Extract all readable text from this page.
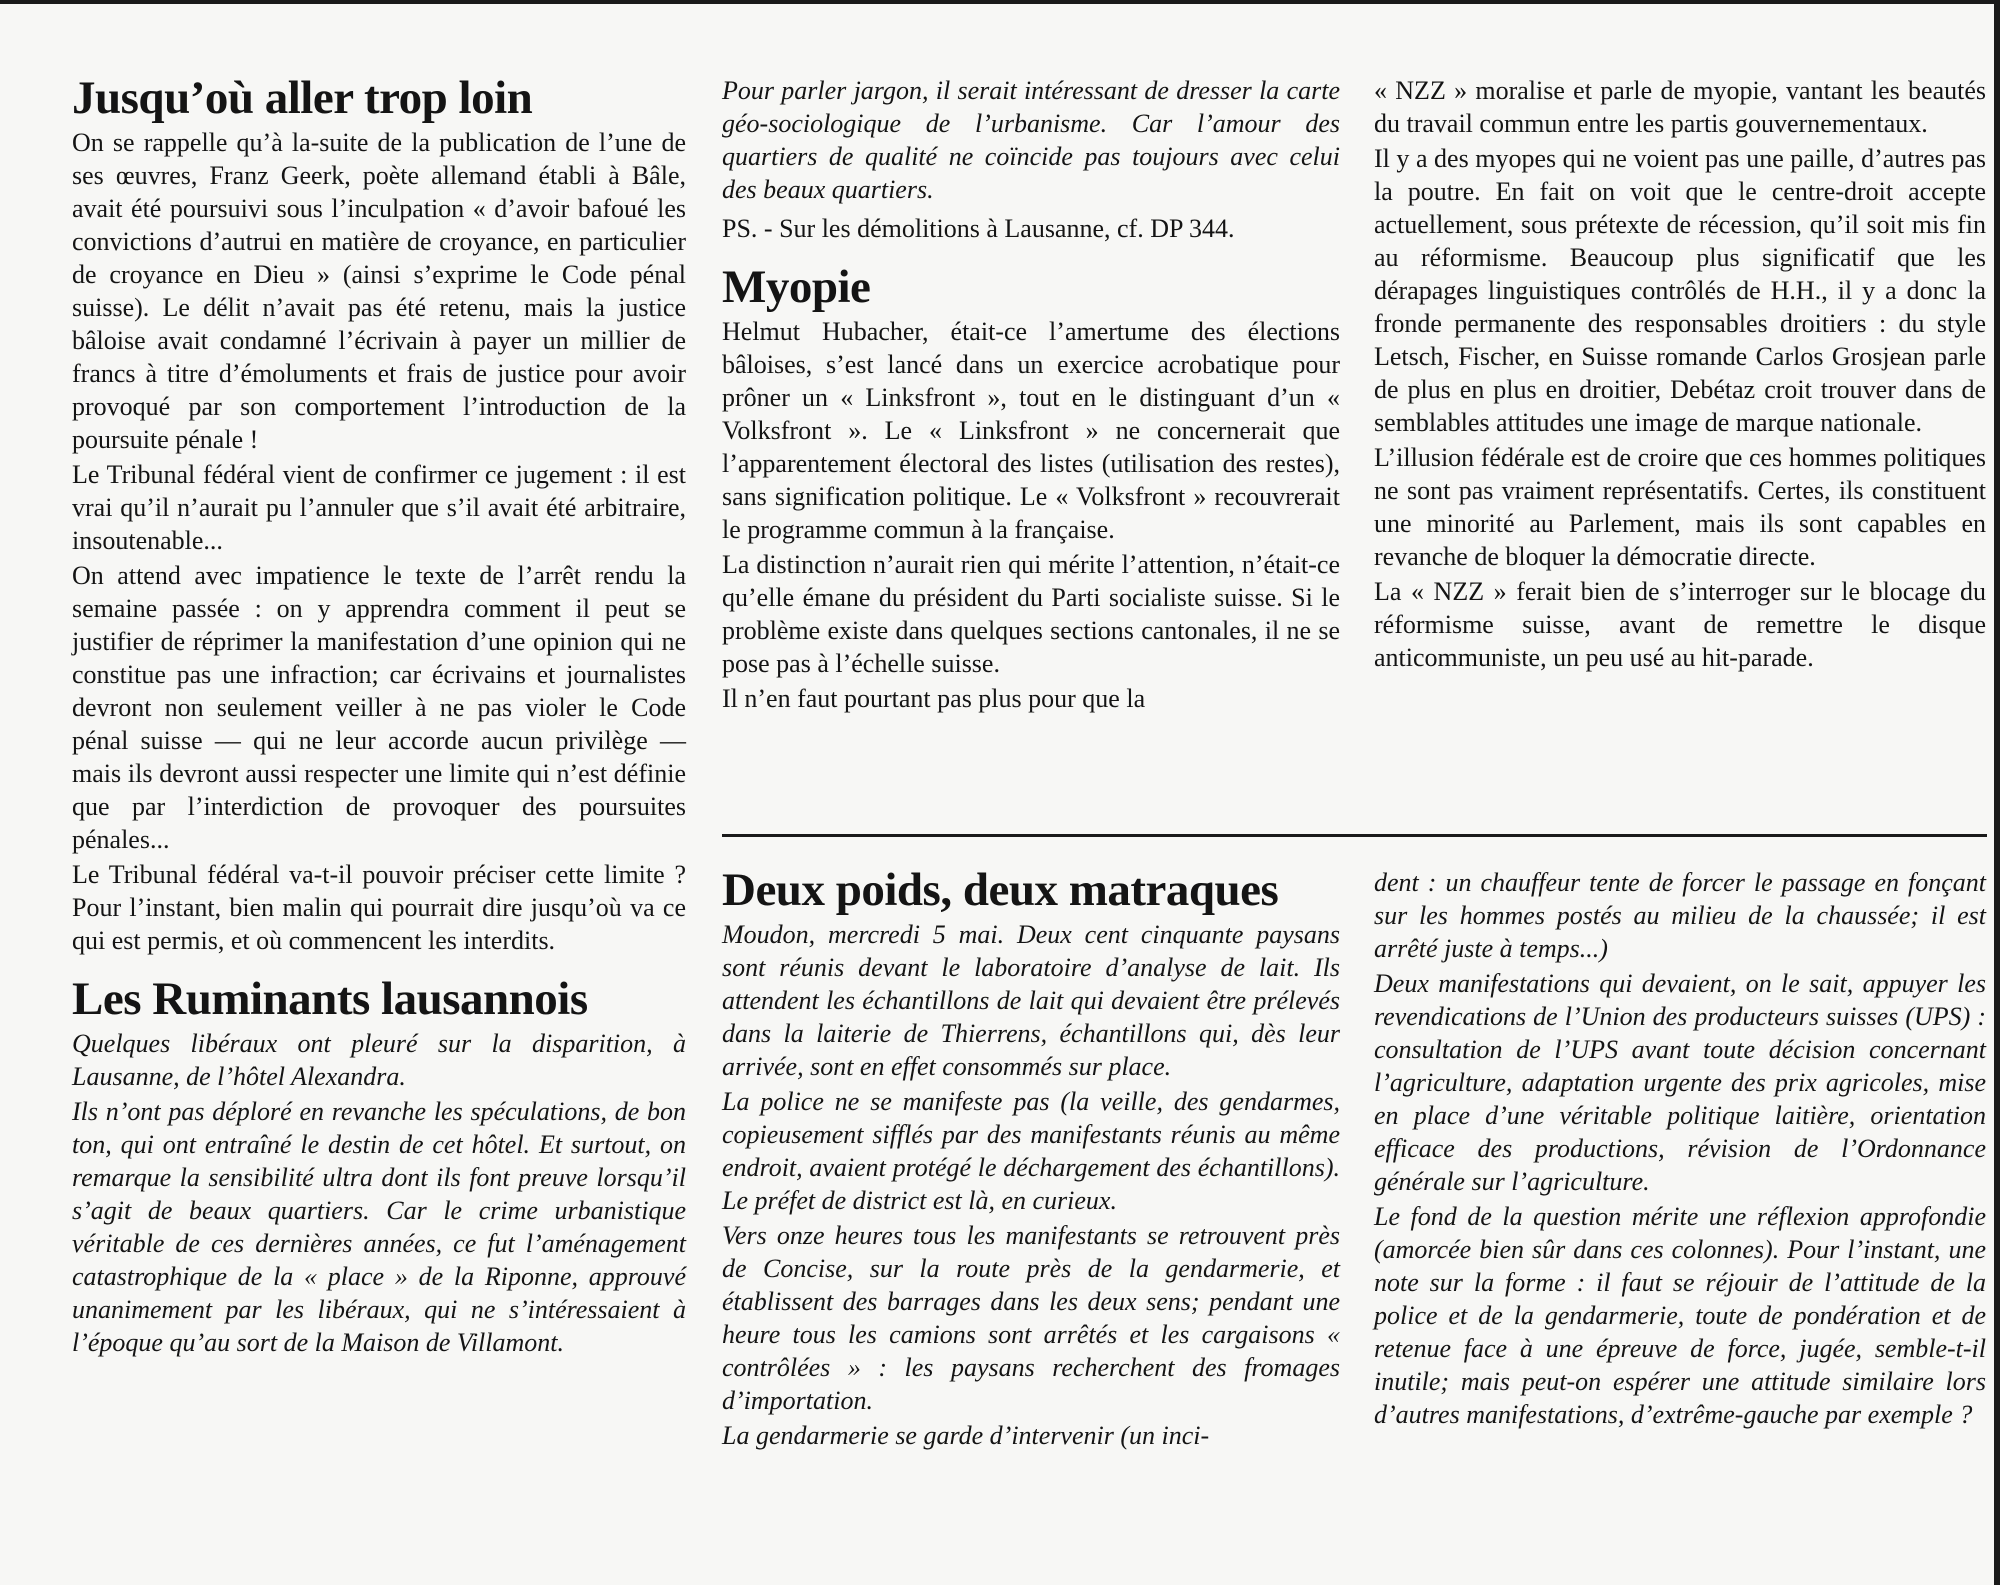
Jusqu’où aller trop loin

On se rappelle qu’à la-suite de la publication de l’une de ses œuvres, Franz Geerk, poète allemand établi à Bâle, avait été poursuivi sous l’inculpation « d’avoir bafoué les convictions d’autrui en matière de croyance, en particulier de croyance en Dieu » (ainsi s’exprime le Code pénal suisse). Le délit n’avait pas été retenu, mais la justice bâloise avait condamné l’écrivain à payer un millier de francs à titre d’émoluments et frais de justice pour avoir provoqué par son comportement l’introduction de la poursuite pénale !

Le Tribunal fédéral vient de confirmer ce jugement : il est vrai qu’il n’aurait pu l’annuler que s’il avait été arbitraire, insoutenable...

On attend avec impatience le texte de l’arrêt rendu la semaine passée : on y apprendra comment il peut se justifier de réprimer la manifestation d’une opinion qui ne constitue pas une infraction; car écrivains et journalistes devront non seulement veiller à ne pas violer le Code pénal suisse — qui ne leur accorde aucun privilège — mais ils devront aussi respecter une limite qui n’est définie que par l’interdiction de provoquer des poursuites pénales...

Le Tribunal fédéral va-t-il pouvoir préciser cette limite ? Pour l’instant, bien malin qui pourrait dire jusqu’où va ce qui est permis, et où commencent les interdits.

Les Ruminants lausannois

Quelques libéraux ont pleuré sur la disparition, à Lausanne, de l’hôtel Alexandra.

Ils n’ont pas déploré en revanche les spéculations, de bon ton, qui ont entraîné le destin de cet hôtel. Et surtout, on remarque la sensibilité ultra dont ils font preuve lorsqu’il s’agit de beaux quartiers. Car le crime urbanistique véritable de ces dernières années, ce fut l’aménagement catastrophique de la « place » de la Riponne, approuvé unanimement par les libéraux, qui ne s’intéressaient à l’époque qu’au sort de la Maison de Villamont.

Pour parler jargon, il serait intéressant de dresser la carte géo-sociologique de l’urbanisme. Car l’amour des quartiers de qualité ne coïncide pas toujours avec celui des beaux quartiers.

PS. - Sur les démolitions à Lausanne, cf. DP 344.

Myopie

Helmut Hubacher, était-ce l’amertume des élections bâloises, s’est lancé dans un exercice acrobatique pour prôner un « Linksfront », tout en le distinguant d’un « Volksfront ». Le « Linksfront » ne concernerait que l’apparentement électoral des listes (utilisation des restes), sans signification politique. Le « Volksfront » recouvrerait le programme commun à la française.

La distinction n’aurait rien qui mérite l’attention, n’était-ce qu’elle émane du président du Parti socialiste suisse. Si le problème existe dans quelques sections cantonales, il ne se pose pas à l’échelle suisse.

Il n’en faut pourtant pas plus pour que la

« NZZ » moralise et parle de myopie, vantant les beautés du travail commun entre les partis gouvernementaux.

Il y a des myopes qui ne voient pas une paille, d’autres pas la poutre. En fait on voit que le centre-droit accepte actuellement, sous prétexte de récession, qu’il soit mis fin au réformisme. Beaucoup plus significatif que les dérapages linguistiques contrôlés de H.H., il y a donc la fronde permanente des responsables droitiers : du style Letsch, Fischer, en Suisse romande Carlos Grosjean parle de plus en plus en droitier, Debétaz croit trouver dans de semblables attitudes une image de marque nationale.

L’illusion fédérale est de croire que ces hommes politiques ne sont pas vraiment représentatifs. Certes, ils constituent une minorité au Parlement, mais ils sont capables en revanche de bloquer la démocratie directe.

La « NZZ » ferait bien de s’interroger sur le blocage du réformisme suisse, avant de remettre le disque anticommuniste, un peu usé au hit-parade.

Deux poids, deux matraques

Moudon, mercredi 5 mai. Deux cent cinquante paysans sont réunis devant le laboratoire d’analyse de lait. Ils attendent les échantillons de lait qui devaient être prélevés dans la laiterie de Thierrens, échantillons qui, dès leur arrivée, sont en effet consommés sur place.

La police ne se manifeste pas (la veille, des gendarmes, copieusement sifflés par des manifestants réunis au même endroit, avaient protégé le déchargement des échantillons). Le préfet de district est là, en curieux.

Vers onze heures tous les manifestants se retrouvent près de Concise, sur la route près de la gendarmerie, et établissent des barrages dans les deux sens; pendant une heure tous les camions sont arrêtés et les cargaisons « contrôlées » : les paysans recherchent des fromages d’importation.

La gendarmerie se garde d’intervenir (un inci-

dent : un chauffeur tente de forcer le passage en fonçant sur les hommes postés au milieu de la chaussée; il est arrêté juste à temps...)

Deux manifestations qui devaient, on le sait, appuyer les revendications de l’Union des producteurs suisses (UPS) : consultation de l’UPS avant toute décision concernant l’agriculture, adaptation urgente des prix agricoles, mise en place d’une véritable politique laitière, orientation efficace des productions, révision de l’Ordonnance générale sur l’agriculture.

Le fond de la question mérite une réflexion approfondie (amorcée bien sûr dans ces colonnes). Pour l’instant, une note sur la forme : il faut se réjouir de l’attitude de la police et de la gendarmerie, toute de pondération et de retenue face à une épreuve de force, jugée, semble-t-il inutile; mais peut-on espérer une attitude similaire lors d’autres manifestations, d’extrême-gauche par exemple ?
